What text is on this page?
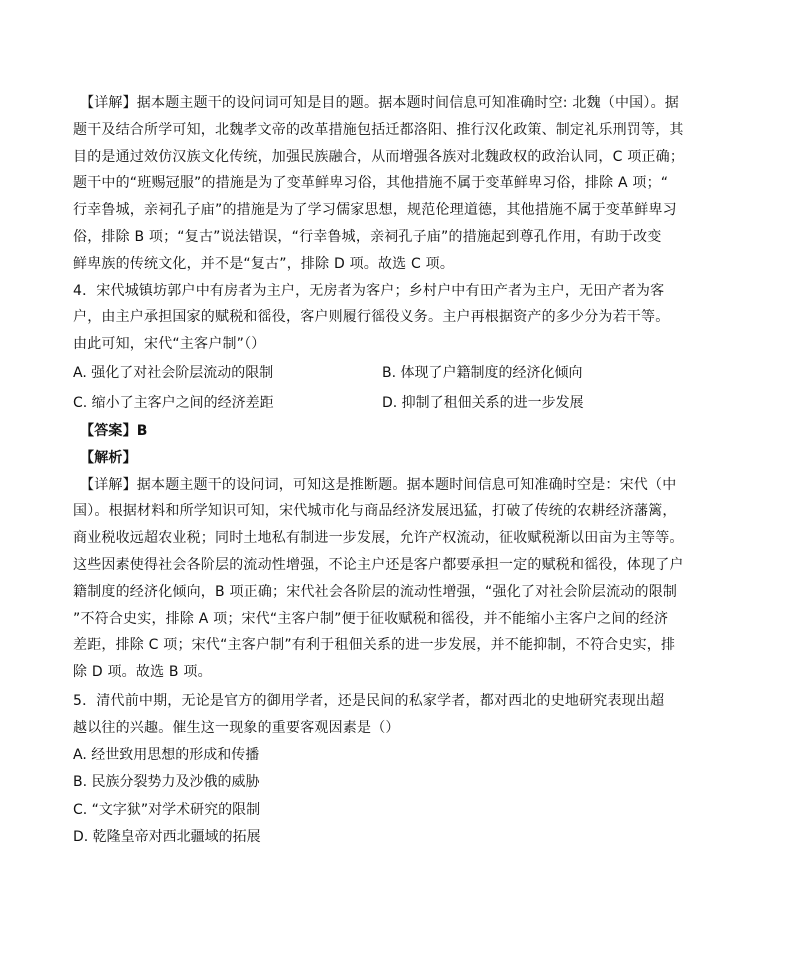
【详解】据本题主题干的设问词可知是目的题。据本题时间信息可知准确时空: 北魏（中国）。据
题干及结合所学可知，北魏孝文帝的改革措施包括迁都洛阳、推行汉化政策、制定礼乐刑罚等，其
目的是通过效仿汉族文化传统，加强民族融合，从而增强各族对北魏政权的政治认同，C 项正确；
题干中的“班赐冠服”的措施是为了变革鲜卑习俗，其他措施不属于变革鲜卑习俗，排除 A 项；“
行幸鲁城，亲祠孔子庙”的措施是为了学习儒家思想，规范伦理道德，其他措施不属于变革鲜卑习
俗，排除 B 项；“复古”说法错误，“行幸鲁城，亲祠孔子庙”的措施起到尊孔作用，有助于改变
鲜卑族的传统文化，并不是“复古”，排除 D 项。故选 C 项。
4．宋代城镇坊郭户中有房者为主户，无房者为客户；乡村户中有田产者为主户，无田产者为客
户，由主户承担国家的赋税和徭役，客户则履行徭役义务。主户再根据资产的多少分为若干等。
由此可知，宋代“主客户制”（）
A. 强化了对社会阶层流动的限制	B. 体现了户籍制度的经济化倾向
C. 缩小了主客户之间的经济差距	D. 抑制了租佃关系的进一步发展
【答案】B
【解析】
【详解】据本题主题干的设问词，可知这是推断题。据本题时间信息可知准确时空是：宋代（中
国）。根据材料和所学知识可知，宋代城市化与商品经济发展迅猛，打破了传统的农耕经济藩篱，
商业税收远超农业税；同时土地私有制进一步发展，允许产权流动，征收赋税渐以田亩为主等等。
这些因素使得社会各阶层的流动性增强，不论主户还是客户都要承担一定的赋税和徭役，体现了户
籍制度的经济化倾向，B 项正确；宋代社会各阶层的流动性增强，“强化了对社会阶层流动的限制
”不符合史实，排除 A 项；宋代“主客户制”便于征收赋税和徭役，并不能缩小主客户之间的经济
差距，排除 C 项；宋代“主客户制”有利于租佃关系的进一步发展，并不能抑制，不符合史实，排
除 D 项。故选 B 项。
5．清代前中期，无论是官方的御用学者，还是民间的私家学者，都对西北的史地研究表现出超
越以往的兴趣。催生这一现象的重要客观因素是（）
A. 经世致用思想的形成和传播
B. 民族分裂势力及沙俄的威胁
C. “文字狱”对学术研究的限制
D. 乾隆皇帝对西北疆域的拓展
